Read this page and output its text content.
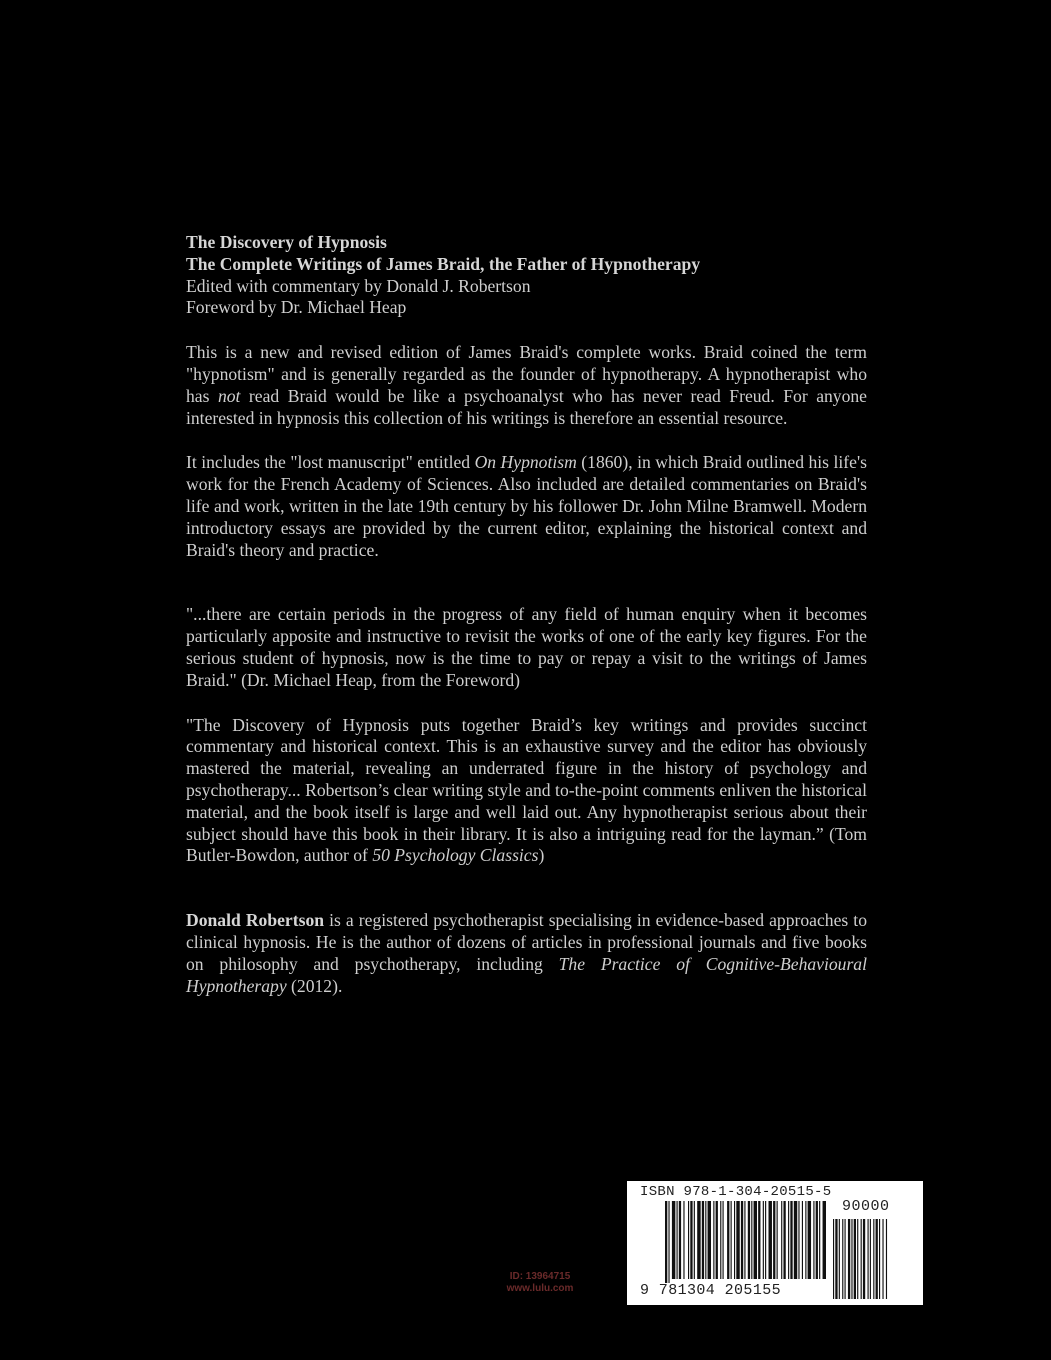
The Discovery of Hypnosis
The Complete Writings of James Braid, the Father of Hypnotherapy
Edited with commentary by Donald J. Robertson
Foreword by Dr. Michael Heap

This is a new and revised edition of James Braid's complete works. Braid coined the term "hypnotism" and is generally regarded as the founder of hypnotherapy. A hypnotherapist who has not read Braid would be like a psychoanalyst who has never read Freud. For anyone interested in hypnosis this collection of his writings is therefore an essential resource.

It includes the "lost manuscript" entitled On Hypnotism (1860), in which Braid outlined his life's work for the French Academy of Sciences. Also included are detailed commentaries on Braid's life and work, written in the late 19th century by his follower Dr. John Milne Bramwell. Modern introductory essays are provided by the current editor, explaining the historical context and Braid's theory and practice.

"...there are certain periods in the progress of any field of human enquiry when it becomes particularly apposite and instructive to revisit the works of one of the early key figures. For the serious student of hypnosis, now is the time to pay or repay a visit to the writings of James Braid." (Dr. Michael Heap, from the Foreword)

"The Discovery of Hypnosis puts together Braid’s key writings and provides succinct commentary and historical context. This is an exhaustive survey and the editor has obviously mastered the material, revealing an underrated figure in the history of psychology and psychotherapy... Robertson’s clear writing style and to-the-point comments enliven the historical material, and the book itself is large and well laid out. Any hypnotherapist serious about their subject should have this book in their library. It is also a intriguing read for the layman.” (Tom Butler-Bowdon, author of 50 Psychology Classics)

Donald Robertson is a registered psychotherapist specialising in evidence-based approaches to clinical hypnosis. He is the author of dozens of articles in professional journals and five books on philosophy and psychotherapy, including The Practice of Cognitive-Behavioural Hypnotherapy (2012).

ID: 13964715
www.lulu.com
ISBN 978-1-304-20515-5
90000
9 781304 205155
